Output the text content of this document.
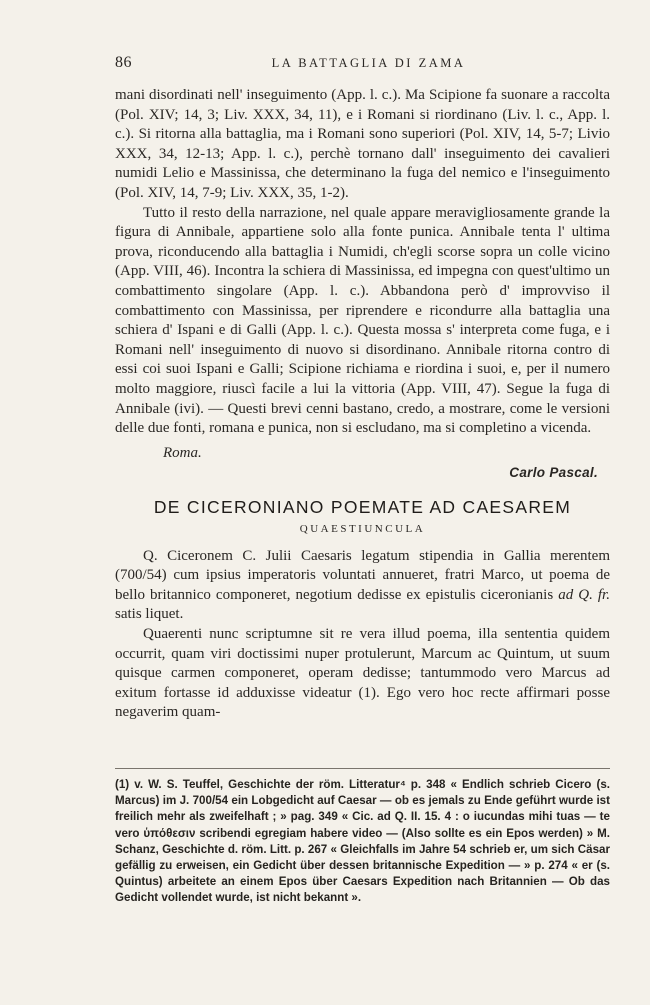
86	LA BATTAGLIA DI ZAMA

mani disordinati nell' inseguimento (App. l. c.). Ma Scipione fa suonare a raccolta (Pol. XIV; 14, 3; Liv. XXX, 34, 11), e i Romani si riordinano (Liv. l. c., App. l. c.). Si ritorna alla battaglia, ma i Romani sono superiori (Pol. XIV, 14, 5-7; Livio XXX, 34, 12-13; App. l. c.), perchè tornano dall' inseguimento dei cavalieri numidi Lelio e Massinissa, che determinano la fuga del nemico e l'inseguimento (Pol. XIV, 14, 7-9; Liv. XXX, 35, 1-2).

Tutto il resto della narrazione, nel quale appare meravigliosamente grande la figura di Annibale, appartiene solo alla fonte punica. Annibale tenta l' ultima prova, riconducendo alla battaglia i Numidi, ch'egli scorse sopra un colle vicino (App. VIII, 46). Incontra la schiera di Massinissa, ed impegna con quest'ultimo un combattimento singolare (App. l. c.). Abbandona però d' improvviso il combattimento con Massinissa, per riprendere e ricondurre alla battaglia una schiera d' Ispani e di Galli (App. l. c.). Questa mossa s' interpreta come fuga, e i Romani nell' inseguimento di nuovo si disordinano. Annibale ritorna contro di essi coi suoi Ispani e Galli; Scipione richiama e riordina i suoi, e, per il numero molto maggiore, riuscì facile a lui la vittoria (App. VIII, 47). Segue la fuga di Annibale (ivi). — Questi brevi cenni bastano, credo, a mostrare, come le versioni delle due fonti, romana e punica, non si escludano, ma si completino a vicenda.

Roma.
Carlo Pascal.
DE CICERONIANO POEMATE AD CAESAREM
QUAESTIUNCULA

Q. Ciceronem C. Julii Caesaris legatum stipendia in Gallia merentem (700/54) cum ipsius imperatoris voluntati annueret, fratri Marco, ut poema de bello britannico componeret, negotium dedisse ex epistulis ciceronianis ad Q. fr. satis liquet.

Quaerenti nunc scriptumne sit re vera illud poema, illa sententia quidem occurrit, quam viri doctissimi nuper protulerunt, Marcum ac Quintum, ut suum quisque carmen componeret, operam dedisse; tantummodo vero Marcus ad exitum fortasse id adduxisse videatur (1). Ego vero hoc recte affirmari posse negaverim quam-

(1) v. W. S. Teuffel, Geschichte der röm. Litteratur⁴ p. 348 « Endlich schrieb Cicero (s. Marcus) im J. 700/54 ein Lobgedicht auf Caesar — ob es jemals zu Ende geführt wurde ist freilich mehr als zweifelhaft ; » pag. 349 « Cic. ad Q. II. 15. 4 : o iucundas mihi tuas — te vero ὑπόθεσιν scribendi egregiam habere video — (Also sollte es ein Epos werden) » M. Schanz, Geschichte d. röm. Litt. p. 267 « Gleichfalls im Jahre 54 schrieb er, um sich Cäsar gefällig zu erweisen, ein Gedicht über dessen britannische Expedition — » p. 274 « er (s. Quintus) arbeitete an einem Epos über Caesars Expedition nach Britannien — Ob das Gedicht vollendet wurde, ist nicht bekannt ».
